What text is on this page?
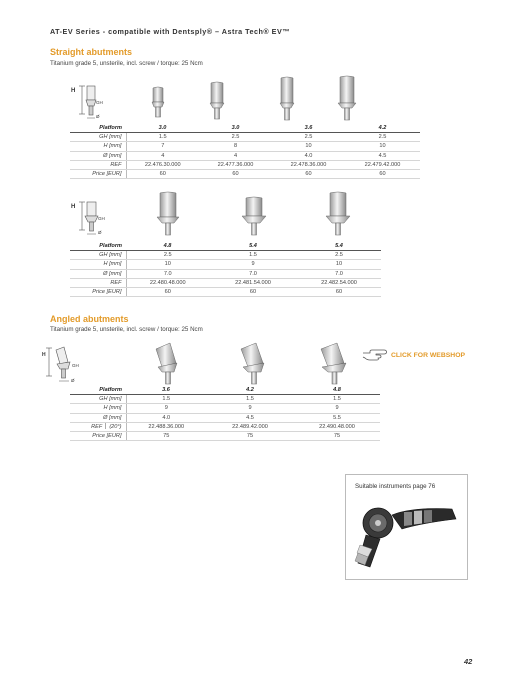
AT-EV Series - compatible with Dentsply® – Astra Tech® EV™
Straight abutments
Titanium grade 5, unsterile, incl. screw / torque: 25 Ncm
H
GH
Ø
Platform	3.0	3.0	3.6	4.2
GH [mm]	1.5	2.5	2.5	2.5
H [mm]	7	8	10	10
Ø [mm]	4	4	4.0	4.5
REF	22.476.30.000	22.477.36.000	22.478.36.000	22.479.42.000
Price [EUR]	60	60	60	60
H
GH
Ø
Platform	4.8	5.4	5.4
GH [mm]	2.5	1.5	2.5
H [mm]	10	9	10
Ø [mm]	7.0	7.0	7.0
REF	22.480.48.000	22.481.54.000	22.482.54.000
Price [EUR]	60	60	60
Angled abutments
Titanium grade 5, unsterile, incl. screw / torque: 25 Ncm
H
GH
Ø
CLICK FOR WEBSHOP
Platform	3.6	4.2	4.8
GH [mm]	1.5	1.5	1.5
H [mm]	9	9	9
Ø [mm]	4.0	4.5	5.5
REF (20°)	22.488.36.000	22.489.42.000	22.490.48.000
Price [EUR]	75	75	75
Suitable instruments page 76
42
